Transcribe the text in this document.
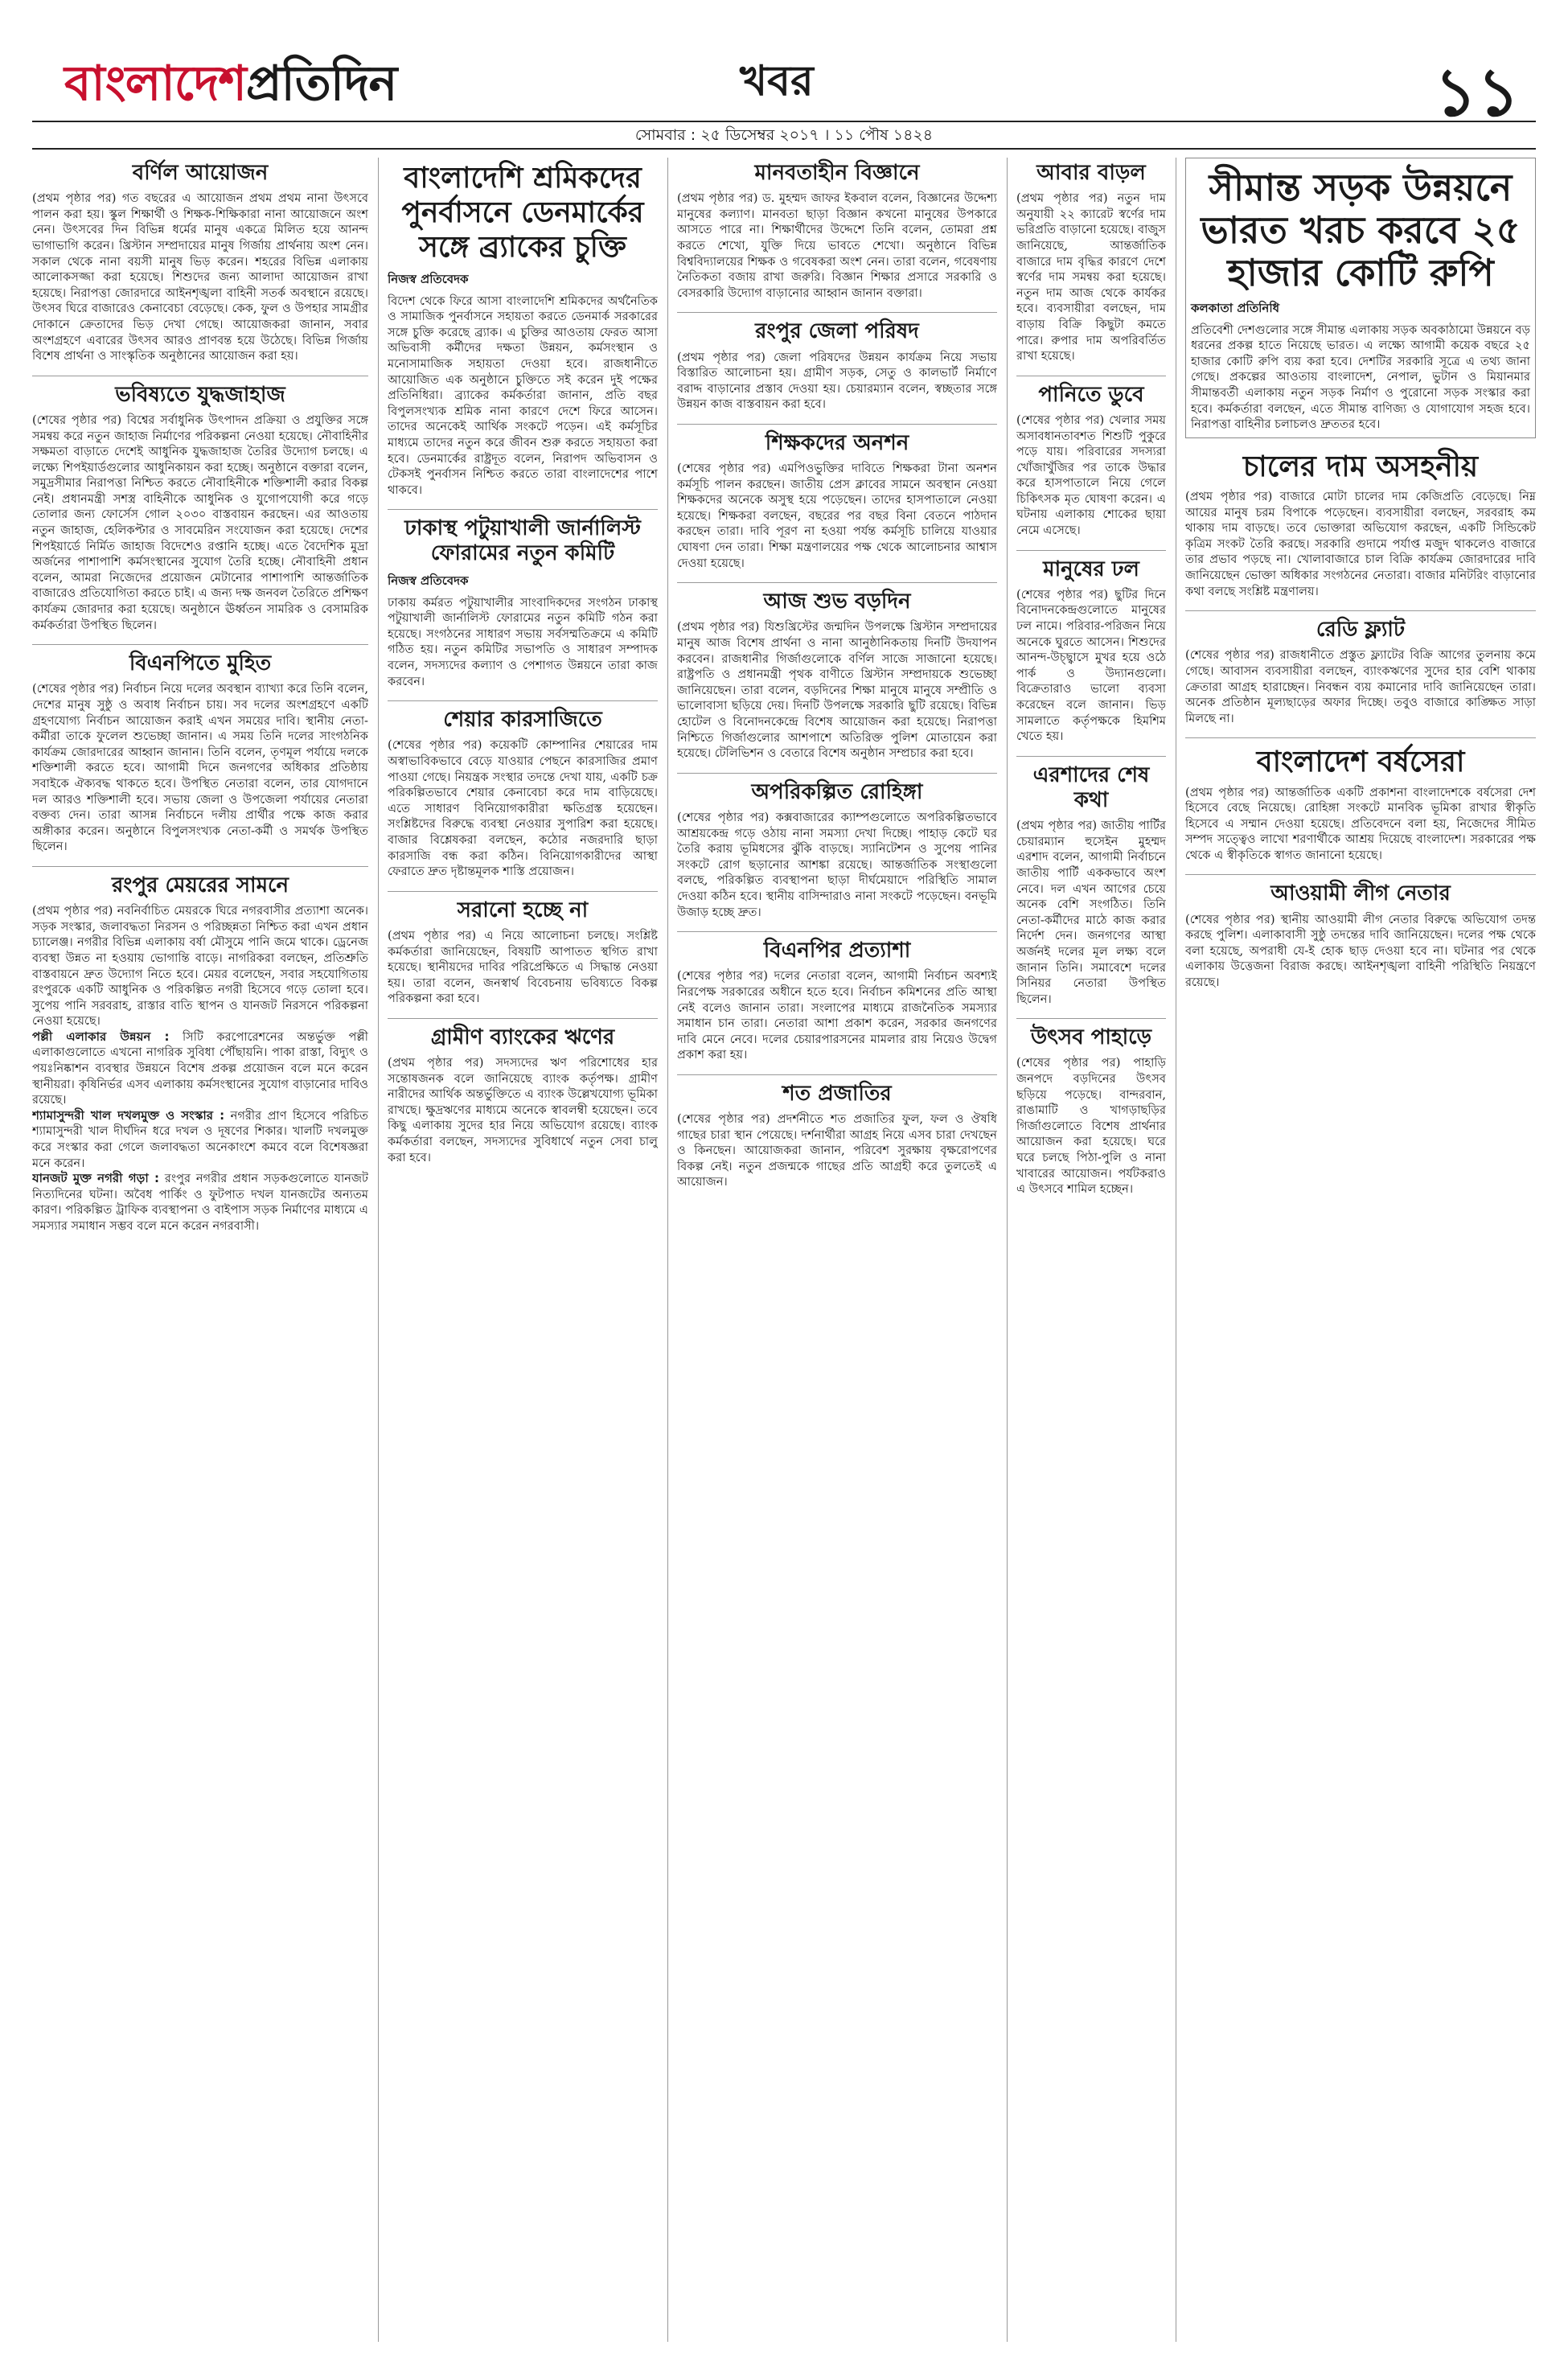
বাংলাদেশপ্রতিদিন	খবর	১১
সোমবার : ২৫ ডিসেম্বর ২০১৭ । ১১ পৌষ ১৪২৪
বর্ণিল আয়োজন

(প্রথম পৃষ্ঠার পর) গত বছরের এ আয়োজন প্রথম প্রথম নানা উৎসবে পালন করা হয়। স্কুল শিক্ষার্থী ও শিক্ষক-শিক্ষিকারা নানা আয়োজনে অংশ নেন। উৎসবের দিন বিভিন্ন ধর্মের মানুষ একত্রে মিলিত হয়ে আনন্দ ভাগাভাগি করেন। খ্রিস্টান সম্প্রদায়ের মানুষ গির্জায় প্রার্থনায় অংশ নেন। সকাল থেকে নানা বয়সী মানুষ ভিড় করেন। শহরের বিভিন্ন এলাকায় আলোকসজ্জা করা হয়েছে। শিশুদের জন্য আলাদা আয়োজন রাখা হয়েছে। নিরাপত্তা জোরদারে আইনশৃঙ্খলা বাহিনী সতর্ক অবস্থানে রয়েছে। উৎসব ঘিরে বাজারেও কেনাবেচা বেড়েছে। কেক, ফুল ও উপহার সামগ্রীর দোকানে ক্রেতাদের ভিড় দেখা গেছে। আয়োজকরা জানান, সবার অংশগ্রহণে এবারের উৎসব আরও প্রাণবন্ত হয়ে উঠেছে। বিভিন্ন গির্জায় বিশেষ প্রার্থনা ও সাংস্কৃতিক অনুষ্ঠানের আয়োজন করা হয়।

ভবিষ্যতে যুদ্ধজাহাজ

(শেষের পৃষ্ঠার পর) বিশ্বের সর্বাধুনিক উৎপাদন প্রক্রিয়া ও প্রযুক্তির সঙ্গে সমন্বয় করে নতুন জাহাজ নির্মাণের পরিকল্পনা নেওয়া হয়েছে। নৌবাহিনীর সক্ষমতা বাড়াতে দেশেই আধুনিক যুদ্ধজাহাজ তৈরির উদ্যোগ চলছে। এ লক্ষ্যে শিপইয়ার্ডগুলোর আধুনিকায়ন করা হচ্ছে। অনুষ্ঠানে বক্তারা বলেন, সমুদ্রসীমার নিরাপত্তা নিশ্চিত করতে নৌবাহিনীকে শক্তিশালী করার বিকল্প নেই। প্রধানমন্ত্রী সশস্ত্র বাহিনীকে আধুনিক ও যুগোপযোগী করে গড়ে তোলার জন্য ফোর্সেস গোল ২০৩০ বাস্তবায়ন করছেন। এর আওতায় নতুন জাহাজ, হেলিকপ্টার ও সাবমেরিন সংযোজন করা হয়েছে। দেশের শিপইয়ার্ডে নির্মিত জাহাজ বিদেশেও রপ্তানি হচ্ছে। এতে বৈদেশিক মুদ্রা অর্জনের পাশাপাশি কর্মসংস্থানের সুযোগ তৈরি হচ্ছে। নৌবাহিনী প্রধান বলেন, আমরা নিজেদের প্রয়োজন মেটানোর পাশাপাশি আন্তর্জাতিক বাজারেও প্রতিযোগিতা করতে চাই। এ জন্য দক্ষ জনবল তৈরিতে প্রশিক্ষণ কার্যক্রম জোরদার করা হয়েছে। অনুষ্ঠানে ঊর্ধ্বতন সামরিক ও বেসামরিক কর্মকর্তারা উপস্থিত ছিলেন।

বিএনপিতে মুহিত

(শেষের পৃষ্ঠার পর) নির্বাচন নিয়ে দলের অবস্থান ব্যাখ্যা করে তিনি বলেন, দেশের মানুষ সুষ্ঠু ও অবাধ নির্বাচন চায়। সব দলের অংশগ্রহণে একটি গ্রহণযোগ্য নির্বাচন আয়োজন করাই এখন সময়ের দাবি। স্থানীয় নেতা-কর্মীরা তাকে ফুলেল শুভেচ্ছা জানান। এ সময় তিনি দলের সাংগঠনিক কার্যক্রম জোরদারের আহ্বান জানান। তিনি বলেন, তৃণমূল পর্যায়ে দলকে শক্তিশালী করতে হবে। আগামী দিনে জনগণের অধিকার প্রতিষ্ঠায় সবাইকে ঐক্যবদ্ধ থাকতে হবে। উপস্থিত নেতারা বলেন, তার যোগদানে দল আরও শক্তিশালী হবে। সভায় জেলা ও উপজেলা পর্যায়ের নেতারা বক্তব্য দেন। তারা আসন্ন নির্বাচনে দলীয় প্রার্থীর পক্ষে কাজ করার অঙ্গীকার করেন। অনুষ্ঠানে বিপুলসংখ্যক নেতা-কর্মী ও সমর্থক উপস্থিত ছিলেন।

রংপুর মেয়রের সামনে

(প্রথম পৃষ্ঠার পর) নবনির্বাচিত মেয়রকে ঘিরে নগরবাসীর প্রত্যাশা অনেক। সড়ক সংস্কার, জলাবদ্ধতা নিরসন ও পরিচ্ছন্নতা নিশ্চিত করা এখন প্রধান চ্যালেঞ্জ। নগরীর বিভিন্ন এলাকায় বর্ষা মৌসুমে পানি জমে থাকে। ড্রেনেজ ব্যবস্থা উন্নত না হওয়ায় ভোগান্তি বাড়ে। নাগরিকরা বলছেন, প্রতিশ্রুতি বাস্তবায়নে দ্রুত উদ্যোগ নিতে হবে। মেয়র বলেছেন, সবার সহযোগিতায় রংপুরকে একটি আধুনিক ও পরিকল্পিত নগরী হিসেবে গড়ে তোলা হবে। সুপেয় পানি সরবরাহ, রাস্তার বাতি স্থাপন ও যানজট নিরসনে পরিকল্পনা নেওয়া হয়েছে।

পল্লী এলাকার উন্নয়ন : সিটি করপোরেশনের অন্তর্ভুক্ত পল্লী এলাকাগুলোতে এখনো নাগরিক সুবিধা পৌঁছায়নি। পাকা রাস্তা, বিদ্যুৎ ও পয়ঃনিষ্কাশন ব্যবস্থার উন্নয়নে বিশেষ প্রকল্প প্রয়োজন বলে মনে করেন স্থানীয়রা। কৃষিনির্ভর এসব এলাকায় কর্মসংস্থানের সুযোগ বাড়ানোর দাবিও রয়েছে।

শ্যামাসুন্দরী খাল দখলমুক্ত ও সংস্কার : নগরীর প্রাণ হিসেবে পরিচিত শ্যামাসুন্দরী খাল দীর্ঘদিন ধরে দখল ও দূষণের শিকার। খালটি দখলমুক্ত করে সংস্কার করা গেলে জলাবদ্ধতা অনেকাংশে কমবে বলে বিশেষজ্ঞরা মনে করেন।

যানজট মুক্ত নগরী গড়া : রংপুর নগরীর প্রধান সড়কগুলোতে যানজট নিত্যদিনের ঘটনা। অবৈধ পার্কিং ও ফুটপাত দখল যানজটের অন্যতম কারণ। পরিকল্পিত ট্রাফিক ব্যবস্থাপনা ও বাইপাস সড়ক নির্মাণের মাধ্যমে এ সমস্যার সমাধান সম্ভব বলে মনে করেন নগরবাসী।

বাংলাদেশি শ্রমিকদের পুনর্বাসনে ডেনমার্কের সঙ্গে ব্র্যাকের চুক্তি
নিজস্ব প্রতিবেদক

বিদেশ থেকে ফিরে আসা বাংলাদেশি শ্রমিকদের অর্থনৈতিক ও সামাজিক পুনর্বাসনে সহায়তা করতে ডেনমার্ক সরকারের সঙ্গে চুক্তি করেছে ব্র্যাক। এ চুক্তির আওতায় ফেরত আসা অভিবাসী কর্মীদের দক্ষতা উন্নয়ন, কর্মসংস্থান ও মনোসামাজিক সহায়তা দেওয়া হবে। রাজধানীতে আয়োজিত এক অনুষ্ঠানে চুক্তিতে সই করেন দুই পক্ষের প্রতিনিধিরা। ব্র্যাকের কর্মকর্তারা জানান, প্রতি বছর বিপুলসংখ্যক শ্রমিক নানা কারণে দেশে ফিরে আসেন। তাদের অনেকেই আর্থিক সংকটে পড়েন। এই কর্মসূচির মাধ্যমে তাদের নতুন করে জীবন শুরু করতে সহায়তা করা হবে। ডেনমার্কের রাষ্ট্রদূত বলেন, নিরাপদ অভিবাসন ও টেকসই পুনর্বাসন নিশ্চিত করতে তারা বাংলাদেশের পাশে থাকবে।

ঢাকাস্থ পটুয়াখালী জার্নালিস্ট ফোরামের নতুন কমিটি
নিজস্ব প্রতিবেদক

ঢাকায় কর্মরত পটুয়াখালীর সাংবাদিকদের সংগঠন ঢাকাস্থ পটুয়াখালী জার্নালিস্ট ফোরামের নতুন কমিটি গঠন করা হয়েছে। সংগঠনের সাধারণ সভায় সর্বসম্মতিক্রমে এ কমিটি গঠিত হয়। নতুন কমিটির সভাপতি ও সাধারণ সম্পাদক বলেন, সদস্যদের কল্যাণ ও পেশাগত উন্নয়নে তারা কাজ করবেন।

শেয়ার কারসাজিতে

(শেষের পৃষ্ঠার পর) কয়েকটি কোম্পানির শেয়ারের দাম অস্বাভাবিকভাবে বেড়ে যাওয়ার পেছনে কারসাজির প্রমাণ পাওয়া গেছে। নিয়ন্ত্রক সংস্থার তদন্তে দেখা যায়, একটি চক্র পরিকল্পিতভাবে শেয়ার কেনাবেচা করে দাম বাড়িয়েছে। এতে সাধারণ বিনিয়োগকারীরা ক্ষতিগ্রস্ত হয়েছেন। সংশ্লিষ্টদের বিরুদ্ধে ব্যবস্থা নেওয়ার সুপারিশ করা হয়েছে। বাজার বিশ্লেষকরা বলছেন, কঠোর নজরদারি ছাড়া কারসাজি বন্ধ করা কঠিন। বিনিয়োগকারীদের আস্থা ফেরাতে দ্রুত দৃষ্টান্তমূলক শাস্তি প্রয়োজন।

সরানো হচ্ছে না

(প্রথম পৃষ্ঠার পর) এ নিয়ে আলোচনা চলছে। সংশ্লিষ্ট কর্মকর্তারা জানিয়েছেন, বিষয়টি আপাতত স্থগিত রাখা হয়েছে। স্থানীয়দের দাবির পরিপ্রেক্ষিতে এ সিদ্ধান্ত নেওয়া হয়। তারা বলেন, জনস্বার্থ বিবেচনায় ভবিষ্যতে বিকল্প পরিকল্পনা করা হবে।

গ্রামীণ ব্যাংকের ঋণের

(প্রথম পৃষ্ঠার পর) সদস্যদের ঋণ পরিশোধের হার সন্তোষজনক বলে জানিয়েছে ব্যাংক কর্তৃপক্ষ। গ্রামীণ নারীদের আর্থিক অন্তর্ভুক্তিতে এ ব্যাংক উল্লেখযোগ্য ভূমিকা রাখছে। ক্ষুদ্রঋণের মাধ্যমে অনেকে স্বাবলম্বী হয়েছেন। তবে কিছু এলাকায় সুদের হার নিয়ে অভিযোগ রয়েছে। ব্যাংক কর্মকর্তারা বলছেন, সদস্যদের সুবিধার্থে নতুন সেবা চালু করা হবে।

মানবতাহীন বিজ্ঞানে

(প্রথম পৃষ্ঠার পর) ড. মুহম্মদ জাফর ইকবাল বলেন, বিজ্ঞানের উদ্দেশ্য মানুষের কল্যাণ। মানবতা ছাড়া বিজ্ঞান কখনো মানুষের উপকারে আসতে পারে না। শিক্ষার্থীদের উদ্দেশে তিনি বলেন, তোমরা প্রশ্ন করতে শেখো, যুক্তি দিয়ে ভাবতে শেখো। অনুষ্ঠানে বিভিন্ন বিশ্ববিদ্যালয়ের শিক্ষক ও গবেষকরা অংশ নেন। তারা বলেন, গবেষণায় নৈতিকতা বজায় রাখা জরুরি। বিজ্ঞান শিক্ষার প্রসারে সরকারি ও বেসরকারি উদ্যোগ বাড়ানোর আহ্বান জানান বক্তারা।

রংপুর জেলা পরিষদ

(প্রথম পৃষ্ঠার পর) জেলা পরিষদের উন্নয়ন কার্যক্রম নিয়ে সভায় বিস্তারিত আলোচনা হয়। গ্রামীণ সড়ক, সেতু ও কালভার্ট নির্মাণে বরাদ্দ বাড়ানোর প্রস্তাব দেওয়া হয়। চেয়ারম্যান বলেন, স্বচ্ছতার সঙ্গে উন্নয়ন কাজ বাস্তবায়ন করা হবে।

শিক্ষকদের অনশন

(শেষের পৃষ্ঠার পর) এমপিওভুক্তির দাবিতে শিক্ষকরা টানা অনশন কর্মসূচি পালন করছেন। জাতীয় প্রেস ক্লাবের সামনে অবস্থান নেওয়া শিক্ষকদের অনেকে অসুস্থ হয়ে পড়েছেন। তাদের হাসপাতালে নেওয়া হয়েছে। শিক্ষকরা বলছেন, বছরের পর বছর বিনা বেতনে পাঠদান করছেন তারা। দাবি পূরণ না হওয়া পর্যন্ত কর্মসূচি চালিয়ে যাওয়ার ঘোষণা দেন তারা। শিক্ষা মন্ত্রণালয়ের পক্ষ থেকে আলোচনার আশ্বাস দেওয়া হয়েছে।

আজ শুভ বড়দিন

(প্রথম পৃষ্ঠার পর) যিশুখ্রিস্টের জন্মদিন উপলক্ষে খ্রিস্টান সম্প্রদায়ের মানুষ আজ বিশেষ প্রার্থনা ও নানা আনুষ্ঠানিকতায় দিনটি উদযাপন করবেন। রাজধানীর গির্জাগুলোকে বর্ণিল সাজে সাজানো হয়েছে। রাষ্ট্রপতি ও প্রধানমন্ত্রী পৃথক বাণীতে খ্রিস্টান সম্প্রদায়কে শুভেচ্ছা জানিয়েছেন। তারা বলেন, বড়দিনের শিক্ষা মানুষে মানুষে সম্প্রীতি ও ভালোবাসা ছড়িয়ে দেয়। দিনটি উপলক্ষে সরকারি ছুটি রয়েছে। বিভিন্ন হোটেল ও বিনোদনকেন্দ্রে বিশেষ আয়োজন করা হয়েছে। নিরাপত্তা নিশ্চিতে গির্জাগুলোর আশপাশে অতিরিক্ত পুলিশ মোতায়েন করা হয়েছে। টেলিভিশন ও বেতারে বিশেষ অনুষ্ঠান সম্প্রচার করা হবে।

অপরিকল্পিত রোহিঙ্গা

(শেষের পৃষ্ঠার পর) কক্সবাজারের ক্যাম্পগুলোতে অপরিকল্পিতভাবে আশ্রয়কেন্দ্র গড়ে ওঠায় নানা সমস্যা দেখা দিচ্ছে। পাহাড় কেটে ঘর তৈরি করায় ভূমিধসের ঝুঁকি বাড়ছে। স্যানিটেশন ও সুপেয় পানির সংকটে রোগ ছড়ানোর আশঙ্কা রয়েছে। আন্তর্জাতিক সংস্থাগুলো বলছে, পরিকল্পিত ব্যবস্থাপনা ছাড়া দীর্ঘমেয়াদে পরিস্থিতি সামাল দেওয়া কঠিন হবে। স্থানীয় বাসিন্দারাও নানা সংকটে পড়েছেন। বনভূমি উজাড় হচ্ছে দ্রুত।

বিএনপির প্রত্যাশা

(শেষের পৃষ্ঠার পর) দলের নেতারা বলেন, আগামী নির্বাচন অবশ্যই নিরপেক্ষ সরকারের অধীনে হতে হবে। নির্বাচন কমিশনের প্রতি আস্থা নেই বলেও জানান তারা। সংলাপের মাধ্যমে রাজনৈতিক সমস্যার সমাধান চান তারা। নেতারা আশা প্রকাশ করেন, সরকার জনগণের দাবি মেনে নেবে। দলের চেয়ারপারসনের মামলার রায় নিয়েও উদ্বেগ প্রকাশ করা হয়।

শত প্রজাতির

(শেষের পৃষ্ঠার পর) প্রদর্শনীতে শত প্রজাতির ফুল, ফল ও ঔষধি গাছের চারা স্থান পেয়েছে। দর্শনার্থীরা আগ্রহ নিয়ে এসব চারা দেখছেন ও কিনছেন। আয়োজকরা জানান, পরিবেশ সুরক্ষায় বৃক্ষরোপণের বিকল্প নেই। নতুন প্রজন্মকে গাছের প্রতি আগ্রহী করে তুলতেই এ আয়োজন।

আবার বাড়ল

(প্রথম পৃষ্ঠার পর) নতুন দাম অনুযায়ী ২২ ক্যারেট স্বর্ণের দাম ভরিপ্রতি বাড়ানো হয়েছে। বাজুস জানিয়েছে, আন্তর্জাতিক বাজারে দাম বৃদ্ধির কারণে দেশে স্বর্ণের দাম সমন্বয় করা হয়েছে। নতুন দাম আজ থেকে কার্যকর হবে। ব্যবসায়ীরা বলছেন, দাম বাড়ায় বিক্রি কিছুটা কমতে পারে। রুপার দাম অপরিবর্তিত রাখা হয়েছে।

পানিতে ডুবে

(শেষের পৃষ্ঠার পর) খেলার সময় অসাবধানতাবশত শিশুটি পুকুরে পড়ে যায়। পরিবারের সদস্যরা খোঁজাখুঁজির পর তাকে উদ্ধার করে হাসপাতালে নিয়ে গেলে চিকিৎসক মৃত ঘোষণা করেন। এ ঘটনায় এলাকায় শোকের ছায়া নেমে এসেছে।

মানুষের ঢল

(শেষের পৃষ্ঠার পর) ছুটির দিনে বিনোদনকেন্দ্রগুলোতে মানুষের ঢল নামে। পরিবার-পরিজন নিয়ে অনেকে ঘুরতে আসেন। শিশুদের আনন্দ-উচ্ছ্বাসে মুখর হয়ে ওঠে পার্ক ও উদ্যানগুলো। বিক্রেতারাও ভালো ব্যবসা করেছেন বলে জানান। ভিড় সামলাতে কর্তৃপক্ষকে হিমশিম খেতে হয়।

এরশাদের শেষ কথা

(প্রথম পৃষ্ঠার পর) জাতীয় পার্টির চেয়ারম্যান হুসেইন মুহম্মদ এরশাদ বলেন, আগামী নির্বাচনে জাতীয় পার্টি এককভাবে অংশ নেবে। দল এখন আগের চেয়ে অনেক বেশি সংগঠিত। তিনি নেতা-কর্মীদের মাঠে কাজ করার নির্দেশ দেন। জনগণের আস্থা অর্জনই দলের মূল লক্ষ্য বলে জানান তিনি। সমাবেশে দলের সিনিয়র নেতারা উপস্থিত ছিলেন।

উৎসব পাহাড়ে

(শেষের পৃষ্ঠার পর) পাহাড়ি জনপদে বড়দিনের উৎসব ছড়িয়ে পড়েছে। বান্দরবান, রাঙামাটি ও খাগড়াছড়ির গির্জাগুলোতে বিশেষ প্রার্থনার আয়োজন করা হয়েছে। ঘরে ঘরে চলছে পিঠা-পুলি ও নানা খাবারের আয়োজন। পর্যটকরাও এ উৎসবে শামিল হচ্ছেন।

সীমান্ত সড়ক উন্নয়নে ভারত খরচ করবে ২৫ হাজার কোটি রুপি
কলকাতা প্রতিনিধি

প্রতিবেশী দেশগুলোর সঙ্গে সীমান্ত এলাকায় সড়ক অবকাঠামো উন্নয়নে বড় ধরনের প্রকল্প হাতে নিয়েছে ভারত। এ লক্ষ্যে আগামী কয়েক বছরে ২৫ হাজার কোটি রুপি ব্যয় করা হবে। দেশটির সরকারি সূত্রে এ তথ্য জানা গেছে। প্রকল্পের আওতায় বাংলাদেশ, নেপাল, ভুটান ও মিয়ানমার সীমান্তবর্তী এলাকায় নতুন সড়ক নির্মাণ ও পুরোনো সড়ক সংস্কার করা হবে। কর্মকর্তারা বলছেন, এতে সীমান্ত বাণিজ্য ও যোগাযোগ সহজ হবে। নিরাপত্তা বাহিনীর চলাচলও দ্রুততর হবে।

চালের দাম অসহনীয়

(প্রথম পৃষ্ঠার পর) বাজারে মোটা চালের দাম কেজিপ্রতি বেড়েছে। নিম্ন আয়ের মানুষ চরম বিপাকে পড়েছেন। ব্যবসায়ীরা বলছেন, সরবরাহ কম থাকায় দাম বাড়ছে। তবে ভোক্তারা অভিযোগ করছেন, একটি সিন্ডিকেট কৃত্রিম সংকট তৈরি করছে। সরকারি গুদামে পর্যাপ্ত মজুদ থাকলেও বাজারে তার প্রভাব পড়ছে না। খোলাবাজারে চাল বিক্রি কার্যক্রম জোরদারের দাবি জানিয়েছেন ভোক্তা অধিকার সংগঠনের নেতারা। বাজার মনিটরিং বাড়ানোর কথা বলছে সংশ্লিষ্ট মন্ত্রণালয়।

রেডি ফ্ল্যাট

(শেষের পৃষ্ঠার পর) রাজধানীতে প্রস্তুত ফ্ল্যাটের বিক্রি আগের তুলনায় কমে গেছে। আবাসন ব্যবসায়ীরা বলছেন, ব্যাংকঋণের সুদের হার বেশি থাকায় ক্রেতারা আগ্রহ হারাচ্ছেন। নিবন্ধন ব্যয় কমানোর দাবি জানিয়েছেন তারা। অনেক প্রতিষ্ঠান মূল্যছাড়ের অফার দিচ্ছে। তবুও বাজারে কাঙ্ক্ষিত সাড়া মিলছে না।

বাংলাদেশ বর্ষসেরা

(প্রথম পৃষ্ঠার পর) আন্তর্জাতিক একটি প্রকাশনা বাংলাদেশকে বর্ষসেরা দেশ হিসেবে বেছে নিয়েছে। রোহিঙ্গা সংকটে মানবিক ভূমিকা রাখার স্বীকৃতি হিসেবে এ সম্মান দেওয়া হয়েছে। প্রতিবেদনে বলা হয়, নিজেদের সীমিত সম্পদ সত্ত্বেও লাখো শরণার্থীকে আশ্রয় দিয়েছে বাংলাদেশ। সরকারের পক্ষ থেকে এ স্বীকৃতিকে স্বাগত জানানো হয়েছে।

আওয়ামী লীগ নেতার

(শেষের পৃষ্ঠার পর) স্থানীয় আওয়ামী লীগ নেতার বিরুদ্ধে অভিযোগ তদন্ত করছে পুলিশ। এলাকাবাসী সুষ্ঠু তদন্তের দাবি জানিয়েছেন। দলের পক্ষ থেকে বলা হয়েছে, অপরাধী যে-ই হোক ছাড় দেওয়া হবে না। ঘটনার পর থেকে এলাকায় উত্তেজনা বিরাজ করছে। আইনশৃঙ্খলা বাহিনী পরিস্থিতি নিয়ন্ত্রণে রয়েছে।
